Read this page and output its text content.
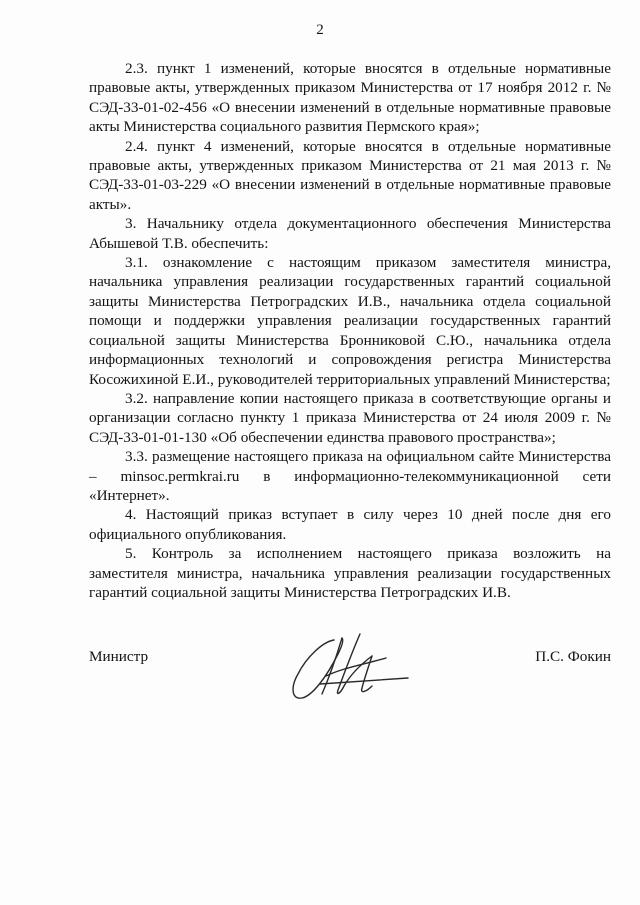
2

2.3. пункт 1 изменений, которые вносятся в отдельные нормативные правовые акты, утвержденных приказом Министерства от 17 ноября 2012 г. № СЭД-33-01-02-456 «О внесении изменений в отдельные нормативные правовые акты Министерства социального развития Пермского края»;

2.4. пункт 4 изменений, которые вносятся в отдельные нормативные правовые акты, утвержденных приказом Министерства от 21 мая 2013 г. № СЭД-33-01-03-229 «О внесении изменений в отдельные нормативные правовые акты».

3. Начальнику отдела документационного обеспечения Министерства Абышевой Т.В. обеспечить:

3.1. ознакомление с настоящим приказом заместителя министра, начальника управления реализации государственных гарантий социальной защиты Министерства Петроградских И.В., начальника отдела социальной помощи и поддержки управления реализации государственных гарантий социальной защиты Министерства Бронниковой С.Ю., начальника отдела информационных технологий и сопровождения регистра Министерства Косожихиной Е.И., руководителей территориальных управлений Министерства;

3.2. направление копии настоящего приказа в соответствующие органы и организации согласно пункту 1 приказа Министерства от 24 июля 2009 г. № СЭД-33-01-01-130 «Об обеспечении единства правового пространства»;

3.3. размещение настоящего приказа на официальном сайте Министерства – minsoc.permkrai.ru в информационно-телекоммуникационной сети «Интернет».

4. Настоящий приказ вступает в силу через 10 дней после дня его официального опубликования.

5. Контроль за исполнением настоящего приказа возложить на заместителя министра, начальника управления реализации государственных гарантий социальной защиты Министерства Петроградских И.В.

Министр	П.С. Фокин
